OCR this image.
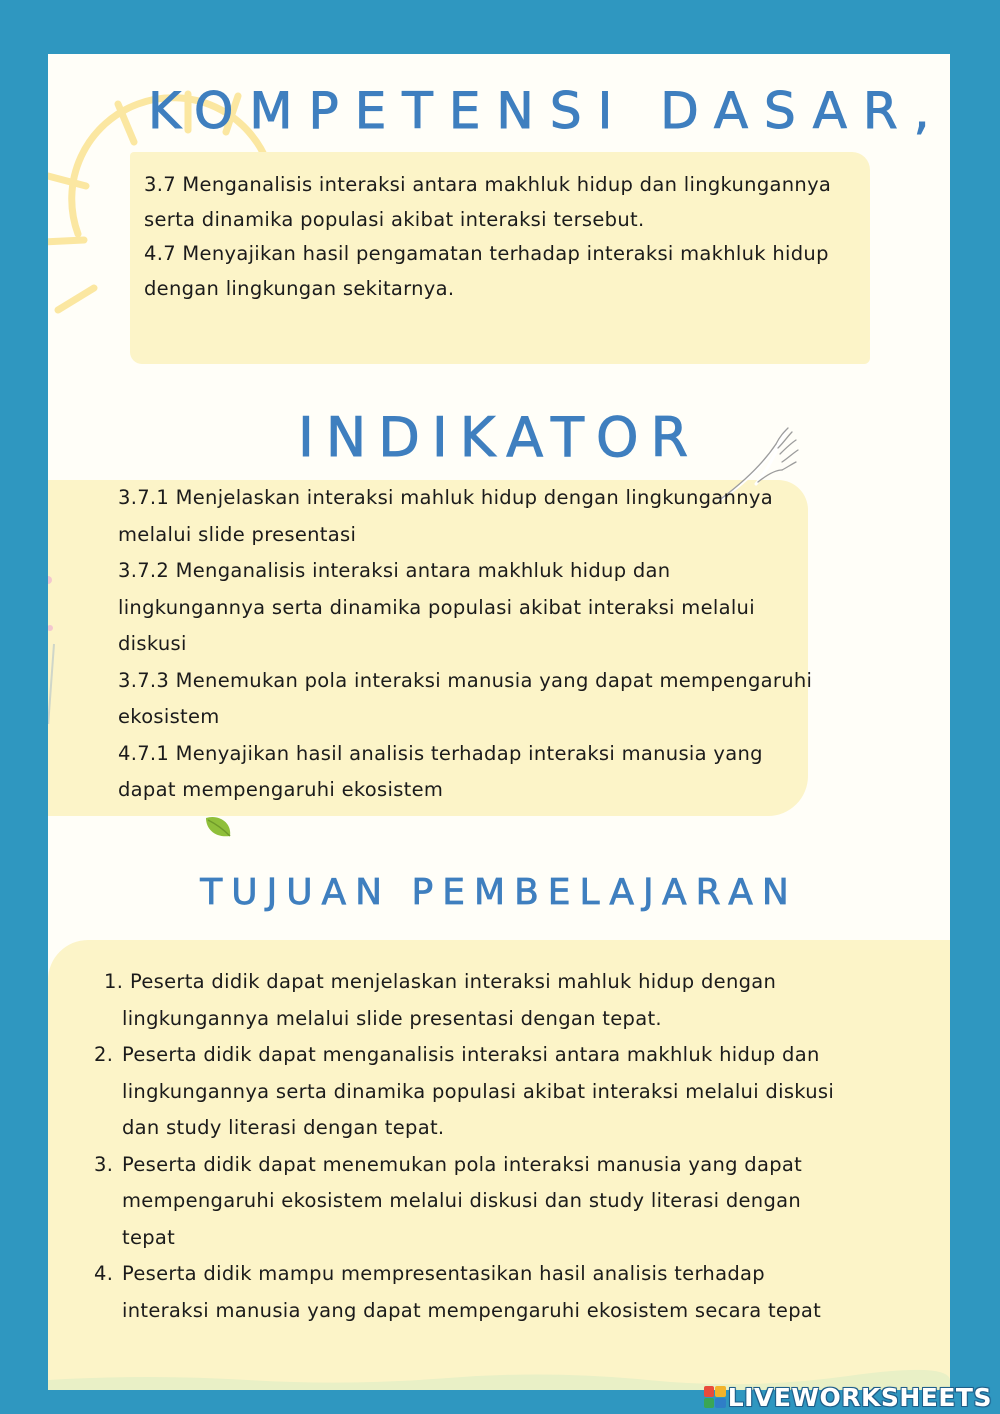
KOMPETENSI DASAR,

3.7 Menganalisis interaksi antara makhluk hidup dan lingkungannya

serta dinamika populasi akibat interaksi tersebut.

4.7 Menyajikan hasil pengamatan terhadap interaksi makhluk hidup

dengan lingkungan sekitarnya.

INDIKATOR

3.7.1 Menjelaskan interaksi mahluk hidup dengan lingkungannya

melalui slide presentasi

3.7.2 Menganalisis interaksi antara makhluk hidup dan

lingkungannya serta dinamika populasi akibat interaksi melalui

diskusi

3.7.3 Menemukan pola interaksi manusia yang dapat mempengaruhi

ekosistem

4.7.1 Menyajikan hasil analisis terhadap interaksi manusia yang

dapat mempengaruhi ekosistem

TUJUAN PEMBELAJARAN
1. Peserta didik dapat menjelaskan interaksi mahluk hidup dengan

lingkungannya melalui slide presentasi dengan tepat.

2. Peserta didik dapat menganalisis interaksi antara makhluk hidup dan

lingkungannya serta dinamika populasi akibat interaksi melalui diskusi

dan study literasi dengan tepat.

3. Peserta didik dapat menemukan pola interaksi manusia yang dapat

mempengaruhi ekosistem melalui diskusi dan study literasi dengan

tepat

4. Peserta didik mampu mempresentasikan hasil analisis terhadap

interaksi manusia yang dapat mempengaruhi ekosistem secara tepat

LIVEWORKSHEETS
